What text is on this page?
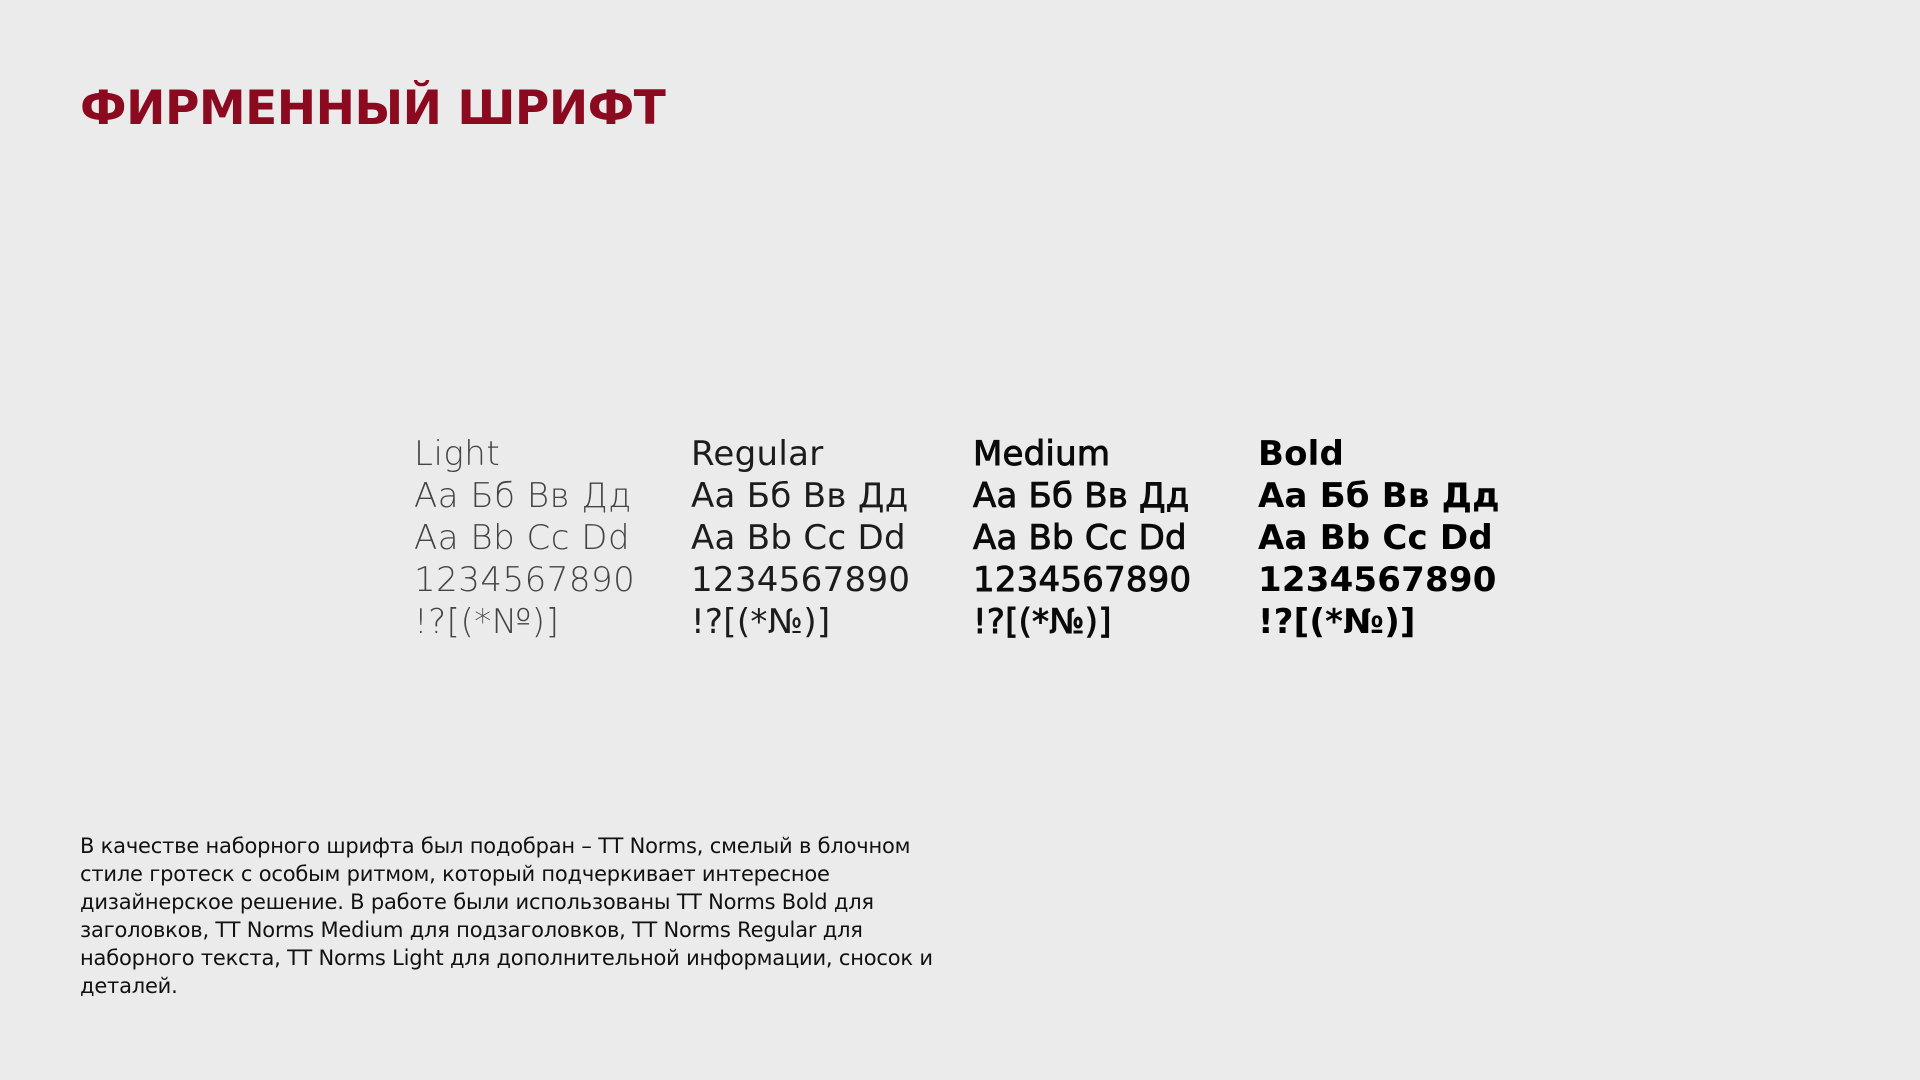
ФИРМЕННЫЙ ШРИФТ
Light
Аа Бб Вв Дд
Aa Bb Cc Dd
1234567890
!?[(*№)]
Regular
Аа Бб Вв Дд
Aa Bb Cc Dd
1234567890
!?[(*№)]
Medium
Аа Бб Вв Дд
Aa Bb Cc Dd
1234567890
!?[(*№)]
Bold
Аа Бб Вв Дд
Aa Bb Cc Dd
1234567890
!?[(*№)]

В качестве наборного шрифта был подобран – TT Norms, смелый в блочном стиле гротеск с особым ритмом, который подчеркивает интересное дизайнерское решение. В работе были использованы TT Norms Bold для заголовков, TT Norms Medium для подзаголовков, TT Norms Regular для наборного текста, TT Norms Light для дополнительной информации, сносок и деталей.
